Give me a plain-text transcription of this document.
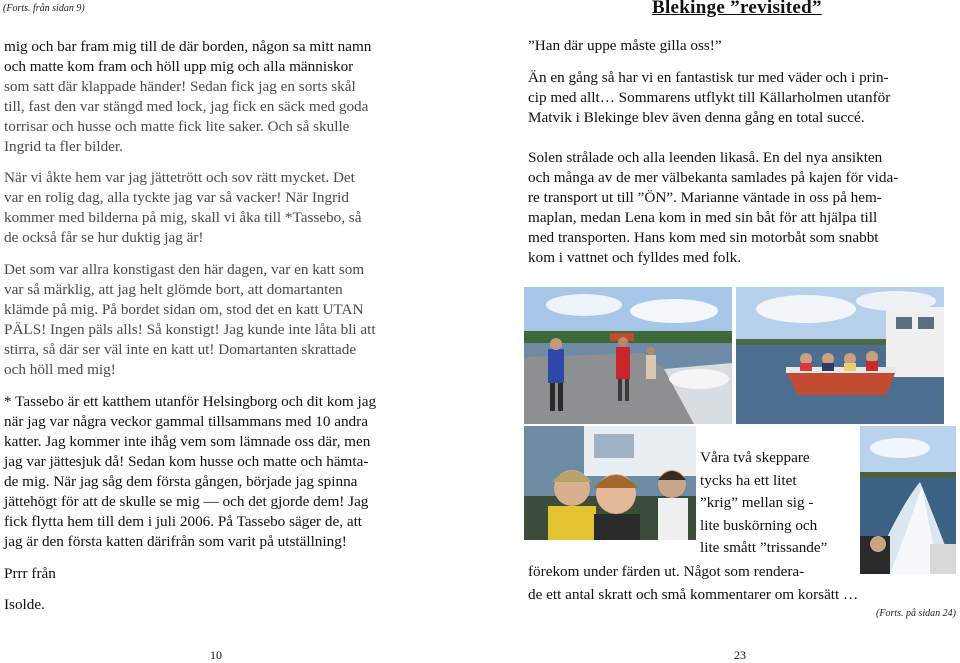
(Forts. från sidan 9)
mig och bar fram mig till de där borden, någon sa mitt namn
och matte kom fram och höll upp mig och alla människor
som satt där klappade händer! Sedan fick jag en sorts skål
till, fast den var stängd med lock, jag fick en säck med goda
torrisar och husse och matte fick lite saker. Och så skulle
Ingrid ta fler bilder.
När vi åkte hem var jag jättetrött och sov rätt mycket. Det
var en rolig dag, alla tyckte jag var så vacker! När Ingrid
kommer med bilderna på mig, skall vi åka till *Tassebo, så
de också får se hur duktig jag är!
Det som var allra konstigast den här dagen, var en katt som
var så märklig, att jag helt glömde bort, att domartanten
klämde på mig. På bordet sidan om, stod det en katt UTAN
PÄLS! Ingen päls alls! Så konstigt! Jag kunde inte låta bli att
stirra, så där ser väl inte en katt ut! Domartanten skrattade
och höll med mig!
* Tassebo är ett katthem utanför Helsingborg och dit kom jag
när jag var några veckor gammal tillsammans med 10 andra
katter. Jag kommer inte ihåg vem som lämnade oss där, men
jag var jättesjuk då! Sedan kom husse och matte och hämta-
de mig. När jag såg dem första gången, började jag spinna
jättehögt för att de skulle se mig — och det gjorde dem! Jag
fick flytta hem till dem i juli 2006. På Tassebo säger de, att
jag är den första katten därifrån som varit på utställning!
Prrr från
Isolde.
10
Blekinge ”revisited”
”Han där uppe måste gilla oss!”
Än en gång så har vi en fantastisk tur med väder och i prin-
cip med allt… Sommarens utflykt till Källarholmen utanför
Matvik i Blekinge blev även denna gång en total succé.
Solen strålade och alla leenden likaså. En del nya ansikten
och många av de mer välbekanta samlades på kajen för vida-
re transport ut till ”ÖN”. Marianne väntade in oss på hem-
maplan, medan Lena kom in med sin båt för att hjälpa till
med transporten. Hans kom med sin motorbåt som snabbt
kom i vattnet och fylldes med folk.
Våra två skeppare
tycks ha ett litet
”krig” mellan sig -
lite buskörning och
lite smått ”trissande”
förekom under färden ut. Något som rendera-
de ett antal skratt och små kommentarer om korsätt …
(Forts. på sidan 24)
23
